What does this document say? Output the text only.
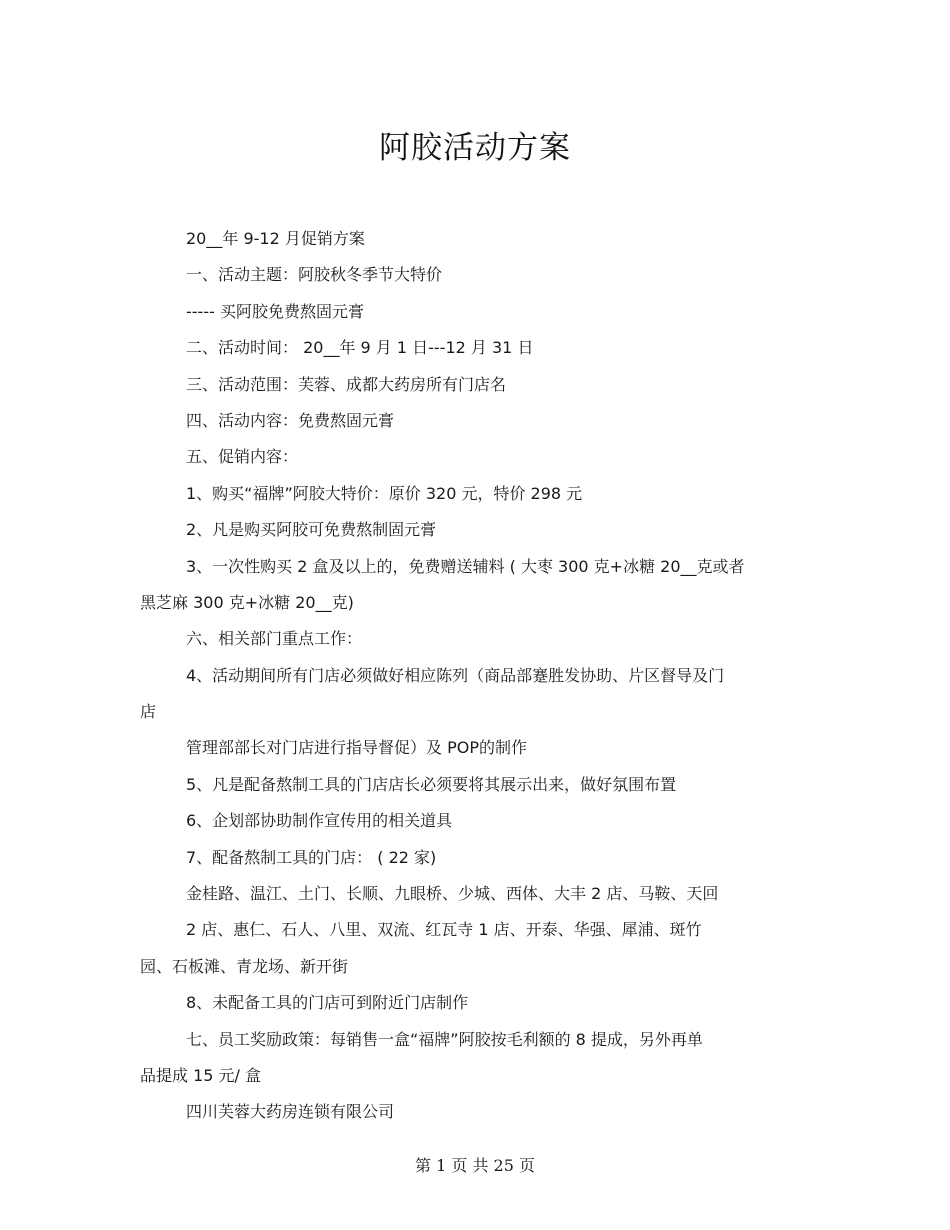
阿胶活动方案
20__年 9-12 月促销方案
一、活动主题：阿胶秋冬季节大特价
----- 买阿胶免费熬固元膏
二、活动时间： 20__年 9 月 1 日---12 月 31 日
三、活动范围：芙蓉、成都大药房所有门店名
四、活动内容：免费熬固元膏
五、促销内容：
1、购买“福牌”阿胶大特价：原价 320 元，特价 298 元
2、凡是购买阿胶可免费熬制固元膏
3、一次性购买 2 盒及以上的，免费赠送辅料 ( 大枣 300 克+冰糖 20__克或者
黑芝麻 300 克+冰糖 20__克)
六、相关部门重点工作：
4、活动期间所有门店必须做好相应陈列（商品部蹇胜发协助、片区督导及门
店
管理部部长对门店进行指导督促）及 POP的制作
5、凡是配备熬制工具的门店店长必须要将其展示出来，做好氛围布置
6、企划部协助制作宣传用的相关道具
7、配备熬制工具的门店： ( 22 家)
金桂路、温江、土门、长顺、九眼桥、少城、西体、大丰 2 店、马鞍、天回
2 店、惠仁、石人、八里、双流、红瓦寺 1 店、开泰、华强、犀浦、斑竹
园、石板滩、青龙场、新开街
8、未配备工具的门店可到附近门店制作
七、员工奖励政策：每销售一盒“福牌”阿胶按毛利额的 8 提成，另外再单
品提成 15 元/ 盒
四川芙蓉大药房连锁有限公司
第 1 页 共 25 页
